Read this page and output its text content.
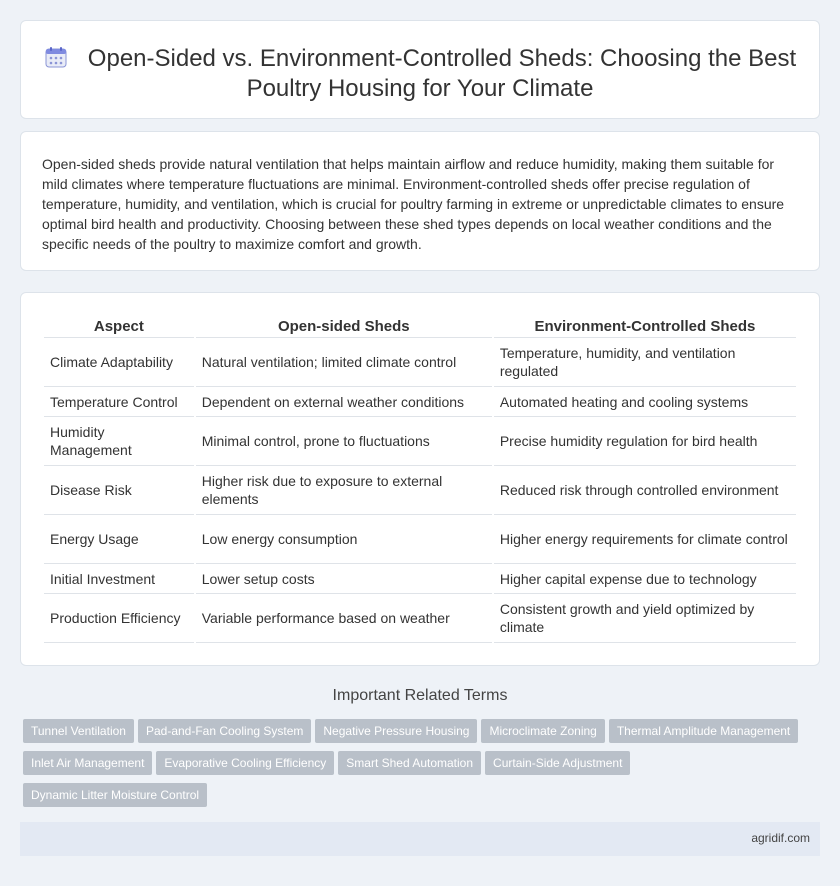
Open-Sided vs. Environment-Controlled Sheds: Choosing the Best Poultry Housing for Your Climate

Open-sided sheds provide natural ventilation that helps maintain airflow and reduce humidity, making them suitable for mild climates where temperature fluctuations are minimal. Environment-controlled sheds offer precise regulation of temperature, humidity, and ventilation, which is crucial for poultry farming in extreme or unpredictable climates to ensure optimal bird health and productivity. Choosing between these shed types depends on local weather conditions and the specific needs of the poultry to maximize comfort and growth.

Aspect	Open-sided Sheds	Environment-Controlled Sheds
Climate Adaptability	Natural ventilation; limited climate control	Temperature, humidity, and ventilation regulated
Temperature Control	Dependent on external weather conditions	Automated heating and cooling systems
Humidity Management	Minimal control, prone to fluctuations	Precise humidity regulation for bird health
Disease Risk	Higher risk due to exposure to external elements	Reduced risk through controlled environment
Energy Usage	Low energy consumption	Higher energy requirements for climate control
Initial Investment	Lower setup costs	Higher capital expense due to technology
Production Efficiency	Variable performance based on weather	Consistent growth and yield optimized by climate
Important Related Terms
Tunnel Ventilation Pad-and-Fan Cooling System Negative Pressure Housing Microclimate Zoning Thermal Amplitude Management
Inlet Air Management Evaporative Cooling Efficiency Smart Shed Automation Curtain-Side Adjustment
Dynamic Litter Moisture Control
agridif.com
